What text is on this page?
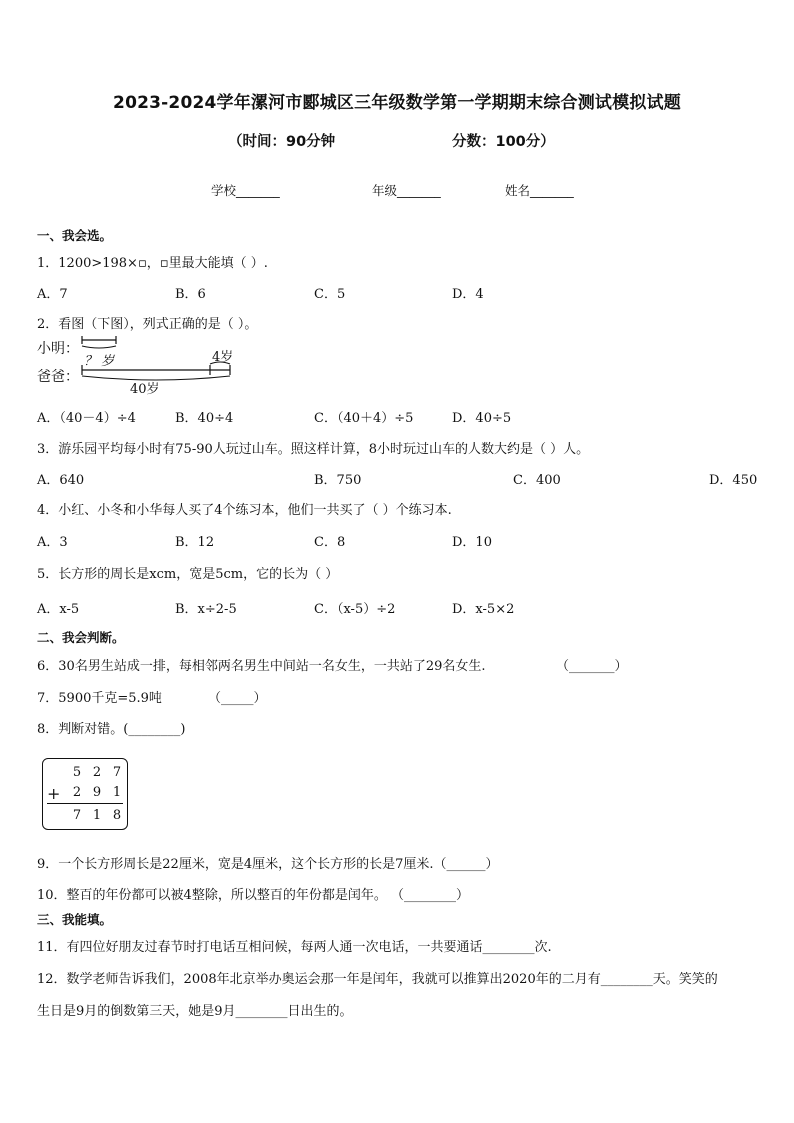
2023-2024学年漯河市郾城区三年级数学第一学期期末综合测试模拟试题
（时间：90分钟	分数：100分）
学校_______	年级_______	姓名_______
一、我会选。
1．1200>198×▫，▫里最大能填（ ）.
A．7	B．6	C．5	D．4
2．看图（下图），列式正确的是（ ）。
小明：
爸爸：
？ 岁	4岁
40岁
A．（40－4）÷4	B．40÷4	C．（40＋4）÷5	D．40÷5
3．游乐园平均每小时有75-90人玩过山车。照这样计算，8小时玩过山车的人数大约是（ ）人。
A．640	B．750	C．400	D．450
4．小红、小冬和小华每人买了4个练习本，他们一共买了（ ）个练习本.
A．3	B．12	C．8	D．10
5．长方形的周长是xcm，宽是5cm，它的长为（ ）
A．x-5	B．x÷2-5	C．（x-5）÷2	D．x-5×2
二、我会判断。
6．30名男生站成一排，每相邻两名男生中间站一名女生，一共站了29名女生.	（_______）
7．5900千克=5.9吨	（_____）
8．判断对错。(________)
5 2 7
+ 2 9 1
7 1 8
9．一个长方形周长是22厘米，宽是4厘米，这个长方形的长是7厘米.（______）
10．整百的年份都可以被4整除，所以整百的年份都是闰年。 （________）
三、我能填。
11．有四位好朋友过春节时打电话互相问候，每两人通一次电话，一共要通话________次.
12．数学老师告诉我们，2008年北京举办奥运会那一年是闰年，我就可以推算出2020年的二月有________天。笑笑的
生日是9月的倒数第三天，她是9月________日出生的。
